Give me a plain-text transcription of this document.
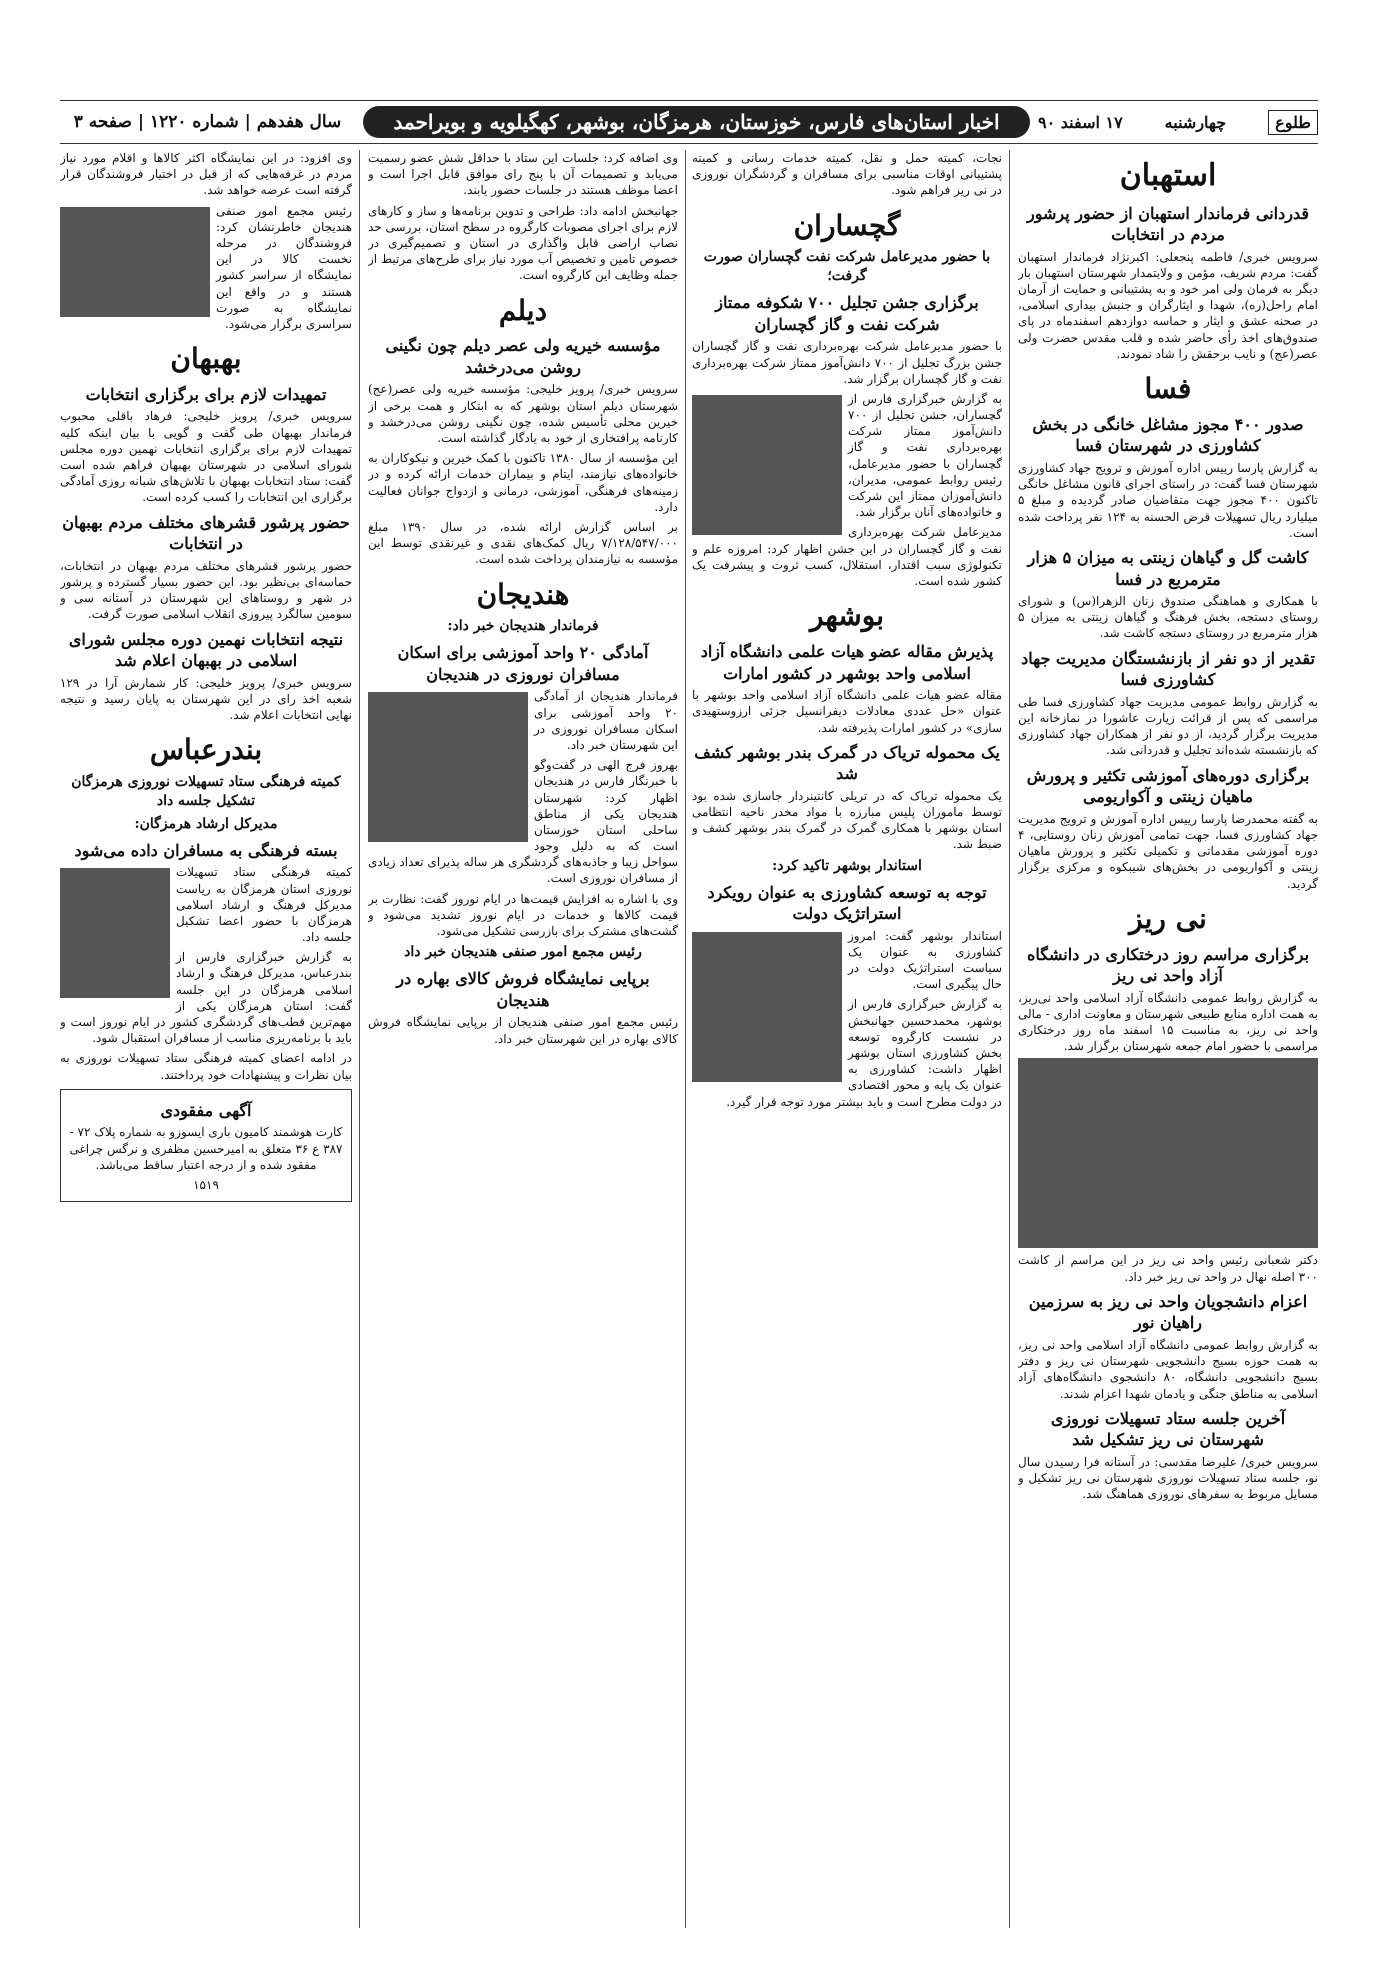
طلوع
چهارشنبه
۱۷ اسفند ۹۰
اخبار استان‌های فارس، خوزستان، هرمزگان، بوشهر، کهگیلویه و بویراحمد
سال هفدهم | شماره ۱۲۲۰ | صفحه ۳
استهبان
قدردانی فرماندار استهبان از حضور پرشور مردم در انتخابات

سرویس خبری/ فاطمه پنجعلی: اکبرنژاد فرماندار استهبان گفت: مردم شریف، مؤمن و ولایتمدار شهرستان استهبان بار دیگر به فرمان ولی امر خود و به پشتیبانی و حمایت از آرمان امام راحل(ره)، شهدا و ایثارگران و جنبش بیداری اسلامی، در صحنه عشق و ایثار و حماسه دوازدهم اسفندماه در پای صندوق‌های اخذ رأی حاضر شده و قلب مقدس حضرت ولی عصر(عج) و نایب برحقش را شاد نمودند.

فسا
صدور ۴۰۰ مجوز مشاغل خانگی در بخش کشاورزی در شهرستان فسا

به گزارش پارسا رییس اداره آموزش و ترویج جهاد کشاورزی شهرستان فسا گفت: در راستای اجرای قانون مشاغل خانگی تاکنون ۴۰۰ مجوز جهت متقاضیان صادر گردیده و مبلغ ۵ میلیارد ریال تسهیلات قرض الحسنه به ۱۲۴ نفر پرداخت شده است.

کاشت گل و گیاهان زینتی به میزان ۵ هزار مترمربع در فسا

با همکاری و هماهنگی صندوق زنان الزهرا(س) و شورای روستای دستجه، بخش فرهنگ و گیاهان زینتی به میزان ۵ هزار مترمربع در روستای دستجه کاشت شد.

تقدیر از دو نفر از بازنشستگان مدیریت جهاد کشاورزی فسا

به گزارش روابط عمومی مدیریت جهاد کشاورزی فسا طی مراسمی که پس از قرائت زیارت عاشورا در نمازخانه این مدیریت برگزار گردید، از دو نفر از همکاران جهاد کشاورزی که بازنشسته شده‌اند تجلیل و قدردانی شد.

برگزاری دوره‌های آموزشی تکثیر و پرورش ماهیان زینتی و آکواریومی

به گفته محمدرضا پارسا رییس اداره آموزش و ترویج مدیریت جهاد کشاورزی فسا، جهت تمامی آموزش زنان روستایی، ۴ دوره آموزشی مقدماتی و تکمیلی تکثیر و پرورش ماهیان زینتی و آکواریومی در بخش‌های شیبکوه و مرکزی برگزار گردید.

نی ریز
برگزاری مراسم روز درختکاری در دانشگاه آزاد واحد نی ریز

به گزارش روابط عمومی دانشگاه آزاد اسلامی واحد نی‌ریز، به همت اداره منابع طبیعی شهرستان و معاونت اداری - مالی واحد نی ریز، به مناسبت ۱۵ اسفند ماه روز درختکاری مراسمی با حضور امام جمعه شهرستان برگزار شد.

دکتر شعبانی رئیس واحد نی ریز در این مراسم از کاشت ۳۰۰ اصله نهال در واحد نی ریز خبر داد.

اعزام دانشجویان واحد نی ریز به سرزمین راهیان نور

به گزارش روابط عمومی دانشگاه آزاد اسلامی واحد نی ریز، به همت حوزه بسیج دانشجویی شهرستان نی ریز و دفتر بسیج دانشجویی دانشگاه، ۸۰ دانشجوی دانشگاه‌های آزاد اسلامی به مناطق جنگی و یادمان شهدا اعزام شدند.

آخرین جلسه ستاد تسهیلات نوروزی شهرستان نی ریز تشکیل شد

سرویس خبری/ علیرضا مقدسی: در آستانه فرا رسیدن سال نو، جلسه ستاد تسهیلات نوروزی شهرستان نی ریز تشکیل و مسایل مربوط به سفرهای نوروزی هماهنگ شد.

نجات، کمیته حمل و نقل، کمیته خدمات رسانی و کمیته پشتیبانی اوقات مناسبی برای مسافران و گردشگران نوروزی در نی ریز فراهم شود.

گچساران
با حضور مدیرعامل شرکت نفت گچساران صورت گرفت؛
برگزاری جشن تجلیل ۷۰۰ شکوفه ممتاز شرکت نفت و گاز گچساران

با حضور مدیرعامل شرکت بهره‌برداری نفت و گاز گچساران جشن بزرگ تجلیل از ۷۰۰ دانش‌آموز ممتاز شرکت بهره‌برداری نفت و گاز گچساران برگزار شد.

به گزارش خبرگزاری فارس از گچساران، جشن تجلیل از ۷۰۰ دانش‌آموز ممتاز شرکت بهره‌برداری نفت و گاز گچساران با حضور مدیرعامل، رئیس روابط عمومی، مدیران، دانش‌آموزان ممتاز این شرکت و خانواده‌های آنان برگزار شد.

مدیرعامل شرکت بهره‌برداری نفت و گاز گچساران در این جشن اظهار کرد: امروزه علم و تکنولوژی سبب اقتدار، استقلال، کسب ثروت و پیشرفت یک کشور شده است.

بوشهر
پذیرش مقاله عضو هیات علمی دانشگاه آزاد اسلامی واحد بوشهر در کشور امارات

مقاله عضو هیات علمی دانشگاه آزاد اسلامی واحد بوشهر با عنوان «حل عددی معادلات دیفرانسیل جزئی ارزوستهیدی سازی» در کشور امارات پذیرفته شد.

یک محموله تریاک در گمرک بندر بوشهر کشف شد

یک محموله تریاک که در تریلی کانتینردار جاسازی شده بود توسط ماموران پلیس مبارزه با مواد مخدر ناحیه انتظامی استان بوشهر با همکاری گمرک در گمرک بندر بوشهر کشف و ضبط شد.

استاندار بوشهر تاکید کرد:
توجه به توسعه کشاورزی به عنوان رویکرد استراتژیک دولت

استاندار بوشهر گفت: امروز کشاورزی به عنوان یک سیاست استراتژیک دولت در حال پیگیری است.

به گزارش خبرگزاری فارس از بوشهر، محمدحسین جهانبخش در نشست کارگروه توسعه بخش کشاورزی استان بوشهر اظهار داشت: کشاورزی به عنوان یک پایه و محور اقتصادی در دولت مطرح است و باید بیشتر مورد توجه قرار گیرد.

وی اضافه کرد: جلسات این ستاد با حداقل شش عضو رسمیت می‌یابد و تصمیمات آن با پنج رای موافق قابل اجرا است و اعضا موظف هستند در جلسات حضور یابند.

جهانبخش ادامه داد: طراحی و تدوین برنامه‌ها و ساز و کارهای لازم برای اجرای مصوبات کارگروه در سطح استان، بررسی حد نصاب اراضی قابل واگذاری در استان و تصمیم‌گیری در خصوص تامین و تخصیص آب مورد نیاز برای طرح‌های مرتبط از جمله وظایف این کارگروه است.

دیلم
مؤسسه خیریه ولی عصر دیلم چون نگینی روشن می‌درخشد

سرویس خبری/ پرویز خلیجی: مؤسسه خیریه ولی عصر(عج) شهرستان دیلم استان بوشهر که به ابتکار و همت برخی از خیرین محلی تأسیس شده، چون نگینی روشن می‌درخشد و کارنامه پرافتخاری از خود به یادگار گذاشته است.

این مؤسسه از سال ۱۳۸۰ تاکنون با کمک خیرین و نیکوکاران به خانواده‌های نیازمند، ایتام و بیماران خدمات ارائه کرده و در زمینه‌های فرهنگی، آموزشی، درمانی و ازدواج جوانان فعالیت دارد.

بر اساس گزارش ارائه شده، در سال ۱۳۹۰ مبلغ ۷/۱۲۸/۵۴۷/۰۰۰ ریال کمک‌های نقدی و غیرنقدی توسط این مؤسسه به نیازمندان پرداخت شده است.

هندیجان
فرماندار هندیجان خبر داد:
آمادگی ۲۰ واحد آموزشی برای اسکان مسافران نوروزی در هندیجان

فرماندار هندیجان از آمادگی ۲۰ واحد آموزشی برای اسکان مسافران نوروزی در این شهرستان خبر داد.

بهروز فرج الهی در گفت‌وگو با خبرنگار فارس در هندیجان اظهار کرد: شهرستان هندیجان یکی از مناطق ساحلی استان خوزستان است که به دلیل وجود سواحل زیبا و جاذبه‌های گردشگری هر ساله پذیرای تعداد زیادی از مسافران نوروزی است.

وی با اشاره به افزایش قیمت‌ها در ایام نوروز گفت: نظارت بر قیمت کالاها و خدمات در ایام نوروز تشدید می‌شود و گشت‌های مشترک برای بازرسی تشکیل می‌شود.

رئیس مجمع امور صنفی هندیجان خبر داد
برپایی نمایشگاه فروش کالای بهاره در هندیجان

رئیس مجمع امور صنفی هندیجان از برپایی نمایشگاه فروش کالای بهاره در این شهرستان خبر داد.

وی افزود: در این نمایشگاه اکثر کالاها و اقلام مورد نیاز مردم در غرفه‌هایی که از قبل در اختیار فروشندگان قرار گرفته است عرضه خواهد شد.

رئیس مجمع امور صنفی هندیجان خاطرنشان کرد: فروشندگان در مرحله نخست کالا در این نمایشگاه از سراسر کشور هستند و در واقع این نمایشگاه به صورت سراسری برگزار می‌شود.

بهبهان
تمهیدات لازم برای برگزاری انتخابات

سرویس خبری/ پرویز خلیجی: فرهاد باقلی محبوب فرماندار بهبهان طی گفت و گویی با بیان اینکه کلیه تمهیدات لازم برای برگزاری انتخابات نهمین دوره مجلس شورای اسلامی در شهرستان بهبهان فراهم شده است گفت: ستاد انتخابات بهبهان با تلاش‌های شبانه روزی آمادگی برگزاری این انتخابات را کسب کرده است.

حضور پرشور قشرهای مختلف مردم بهبهان در انتخابات

حضور پرشور قشرهای مختلف مردم بهبهان در انتخابات، حماسه‌ای بی‌نظیر بود. این حضور بسیار گسترده و پرشور در شهر و روستاهای این شهرستان در آستانه سی و سومین سالگرد پیروزی انقلاب اسلامی صورت گرفت.

نتیجه انتخابات نهمین دوره مجلس شورای اسلامی در بهبهان اعلام شد

سرویس خبری/ پرویز خلیجی: کار شمارش آرا در ۱۲۹ شعبه اخذ رای در این شهرستان به پایان رسید و نتیجه نهایی انتخابات اعلام شد.

بندرعباس
کمیته فرهنگی ستاد تسهیلات نوروزی هرمزگان تشکیل جلسه داد
مدیرکل ارشاد هرمزگان:
بسته فرهنگی به مسافران داده می‌شود

کمیته فرهنگی ستاد تسهیلات نوروزی استان هرمزگان به ریاست مدیرکل فرهنگ و ارشاد اسلامی هرمزگان با حضور اعضا تشکیل جلسه داد.

به گزارش خبرگزاری فارس از بندرعباس، مدیرکل فرهنگ و ارشاد اسلامی هرمزگان در این جلسه گفت: استان هرمزگان یکی از مهم‌ترین قطب‌های گردشگری کشور در ایام نوروز است و باید با برنامه‌ریزی مناسب از مسافران استقبال شود.

در ادامه اعضای کمیته فرهنگی ستاد تسهیلات نوروزی به بیان نظرات و پیشنهادات خود پرداختند.

آگهی مفقودی

کارت هوشمند کامیون باری ایسوزو به شماره پلاک ۷۲ - ۳۸۷ ع ۳۶ متعلق به امیرحسین مظفری و نرگس چراغی مفقود شده و از درجه اعتبار ساقط می‌باشد.

۱۵۱۹
